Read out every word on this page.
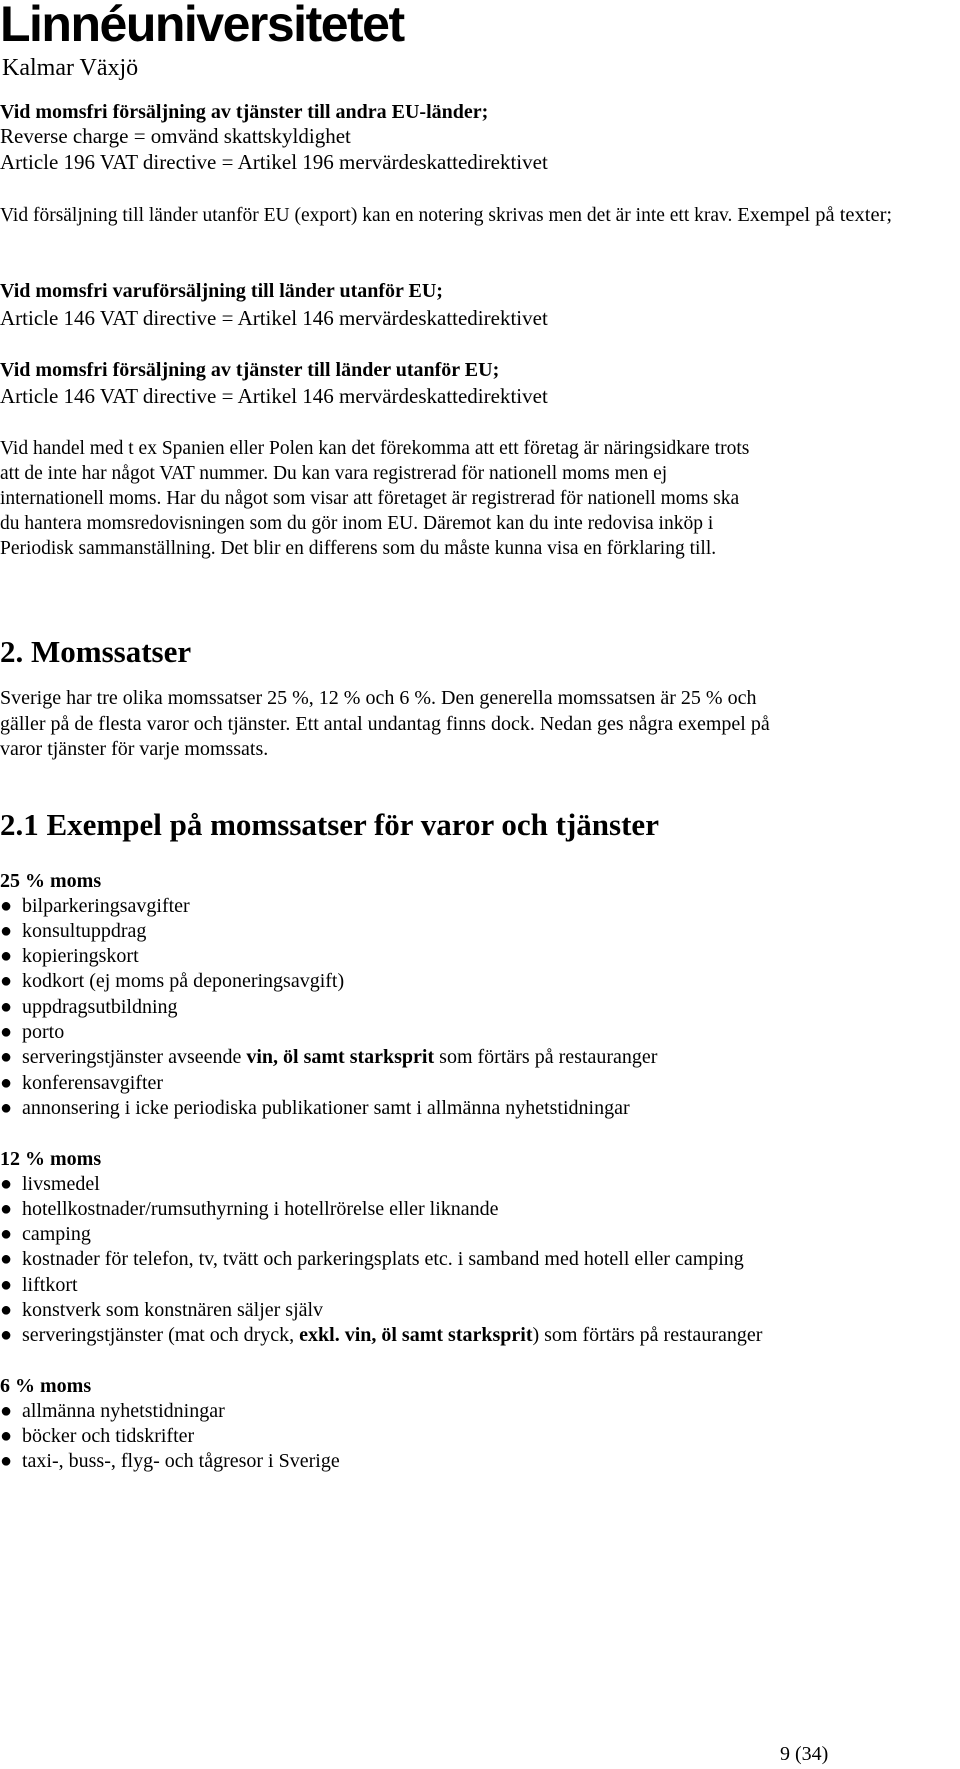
Linnéuniversitetet
Kalmar Växjö
Vid momsfri försäljning av tjänster till andra EU-länder;
Reverse charge = omvänd skattskyldighet
Article 196 VAT directive = Artikel 196 mervärdeskattedirektivet
Vid försäljning till länder utanför EU (export) kan en notering skrivas men det är inte ett krav. Exempel på texter;
Vid momsfri varuförsäljning till länder utanför EU;
Article 146 VAT directive = Artikel 146 mervärdeskattedirektivet
Vid momsfri försäljning av tjänster till länder utanför EU;
Article 146 VAT directive = Artikel 146 mervärdeskattedirektivet
Vid handel med t ex Spanien eller Polen kan det förekomma att ett företag är näringsidkare trots
att de inte har något VAT nummer. Du kan vara registrerad för nationell moms men ej
internationell moms. Har du något som visar att företaget är registrerad för nationell moms ska
du hantera momsredovisningen som du gör inom EU. Däremot kan du inte redovisa inköp i
Periodisk sammanställning. Det blir en differens som du måste kunna visa en förklaring till.
2. Momssatser
Sverige har tre olika momssatser 25 %, 12 % och 6 %. Den generella momssatsen är 25 % och
gäller på de flesta varor och tjänster. Ett antal undantag finns dock. Nedan ges några exempel på
varor tjänster för varje momssats.
2.1 Exempel på momssatser för varor och tjänster
25 % moms
● bilparkeringsavgifter
● konsultuppdrag
● kopieringskort
● kodkort (ej moms på deponeringsavgift)
● uppdragsutbildning
● porto
● serveringstjänster avseende vin, öl samt starksprit som förtärs på restauranger
● konferensavgifter
● annonsering i icke periodiska publikationer samt i allmänna nyhetstidningar
12 % moms
● livsmedel
● hotellkostnader/rumsuthyrning i hotellrörelse eller liknande
● camping
● kostnader för telefon, tv, tvätt och parkeringsplats etc. i samband med hotell eller camping
● liftkort
● konstverk som konstnären säljer själv
● serveringstjänster (mat och dryck, exkl. vin, öl samt starksprit) som förtärs på restauranger
6 % moms
● allmänna nyhetstidningar
● böcker och tidskrifter
● taxi-, buss-, flyg- och tågresor i Sverige
9 (34)
